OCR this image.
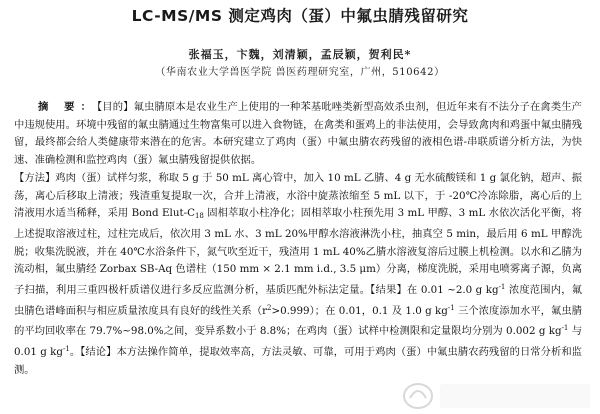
LC-MS/MS 测定鸡肉（蛋）中氟虫腈残留研究
张福玉，卞魏，刘清颖，孟辰颖，贺利民*
（华南农业大学兽医学院 兽医药理研究室，广州，510642）
摘 要：【目的】氟虫腈原本是农业生产上使用的一种苯基吡唑类新型高效杀虫剂，但近年来有不法分子在禽类生产中违规使用。环境中残留的氟虫腈通过生物富集可以进入食物链，在禽类和蛋鸡上的非法使用，会导致禽肉和鸡蛋中氟虫腈残留，最终都会给人类健康带来潜在的危害。本研究建立了鸡肉（蛋）中氟虫腈农药残留的液相色谱-串联质谱分析方法，为快速、准确检测和监控鸡肉（蛋）氟虫腈残留提供依据。
【方法】鸡肉（蛋）试样匀浆，称取 5 g 于 50 mL 离心管中，加入 10 mL 乙腈、4 g 无水硫酸镁和 1 g 氯化钠，超声、振荡，离心后移取上清液；残渣重复提取一次，合并上清液，水浴中旋蒸浓缩至 5 mL 以下，于 -20℃冷冻除脂，离心后的上清液用水适当稀释，采用 Bond Elut-$C_{18}$ 固相萃取小柱净化；固相萃取小柱预先用 3 mL 甲醇、3 mL 水依次活化平衡，将上述提取溶液过柱，过柱完成后，依次用 3 mL 水、3 mL 20%甲醇水溶液淋洗小柱，抽真空 5 min，最后用 6 mL 甲醇洗脱；收集洗脱液，并在 40℃水浴条件下，氮气吹至近干，残渣用 1 mL 40%乙腈水溶液复溶后过膜上机检测。以水和乙腈为流动相，氟虫腈经 Zorbax SB-Aq 色谱柱（150 mm × 2.1 mm i.d., 3.5 μm）分离，梯度洗脱，采用电喷雾离子源，负离子扫描，利用三重四极杆质谱仪进行多反应监测分析，基质匹配外标法定量。【结果】在 0.01 ~2.0 g $kg^{-1}$ 浓度范围内，氟虫腈色谱峰面积与相应质量浓度具有良好的线性关系$(r^2>0.999)$；在 0.01，0.1 及 1.0 g $kg^{-1}$ 三个浓度添加水平，氟虫腈的平均回收率在 79.7%~98.0%之间，变异系数小于 8.8%；在鸡肉（蛋）试样中检测限和定量限均分别为 0.002 g $kg^{-1}$ 与 0.01 g $kg^{-1}$。【结论】本方法操作简单，提取效率高，方法灵敏、可靠，可用于鸡肉（蛋）中氟虫腈农药残留的日常分析和监测。
